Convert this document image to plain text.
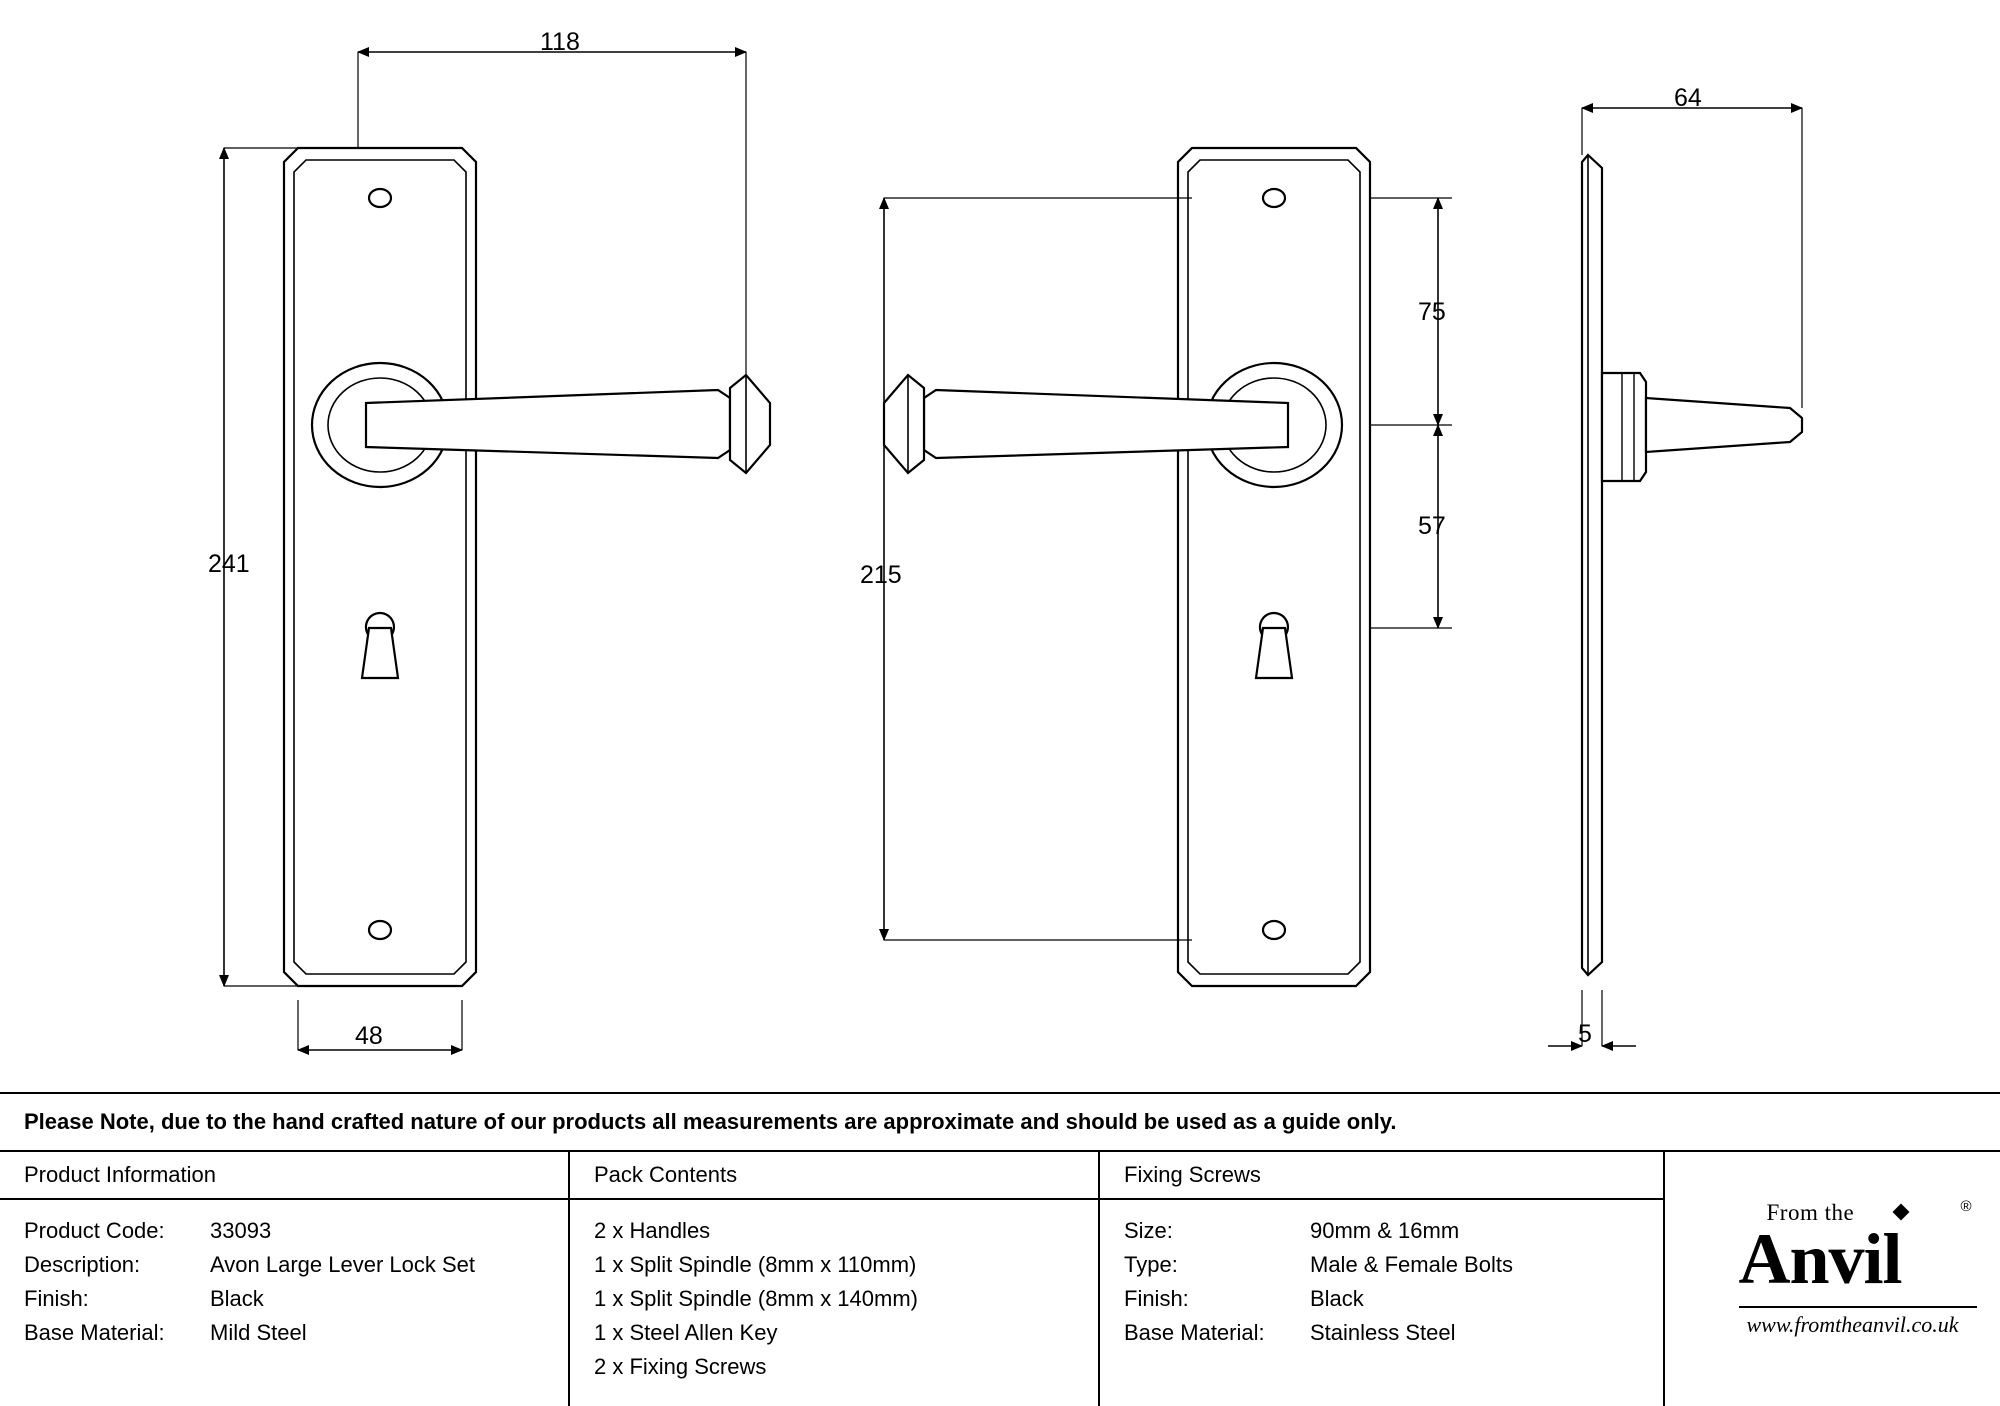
118
241
48
215
75
57
64
5
Please Note, due to the hand crafted nature of our products all measurements are approximate and should be used as a guide only.
Product Information
Product Code:	33093
Description:	Avon Large Lever Lock Set
Finish:	Black
Base Material:	Mild Steel
Pack Contents
2 x Handles
1 x Split Spindle (8mm x 110mm)
1 x Split Spindle (8mm x 140mm)
1 x Steel Allen Key
2 x Fixing Screws
Fixing Screws
Size:	90mm & 16mm
Type:	Male & Female Bolts
Finish:	Black
Base Material:	Stainless Steel
From the	®
Anvil
www.fromtheanvil.co.uk
